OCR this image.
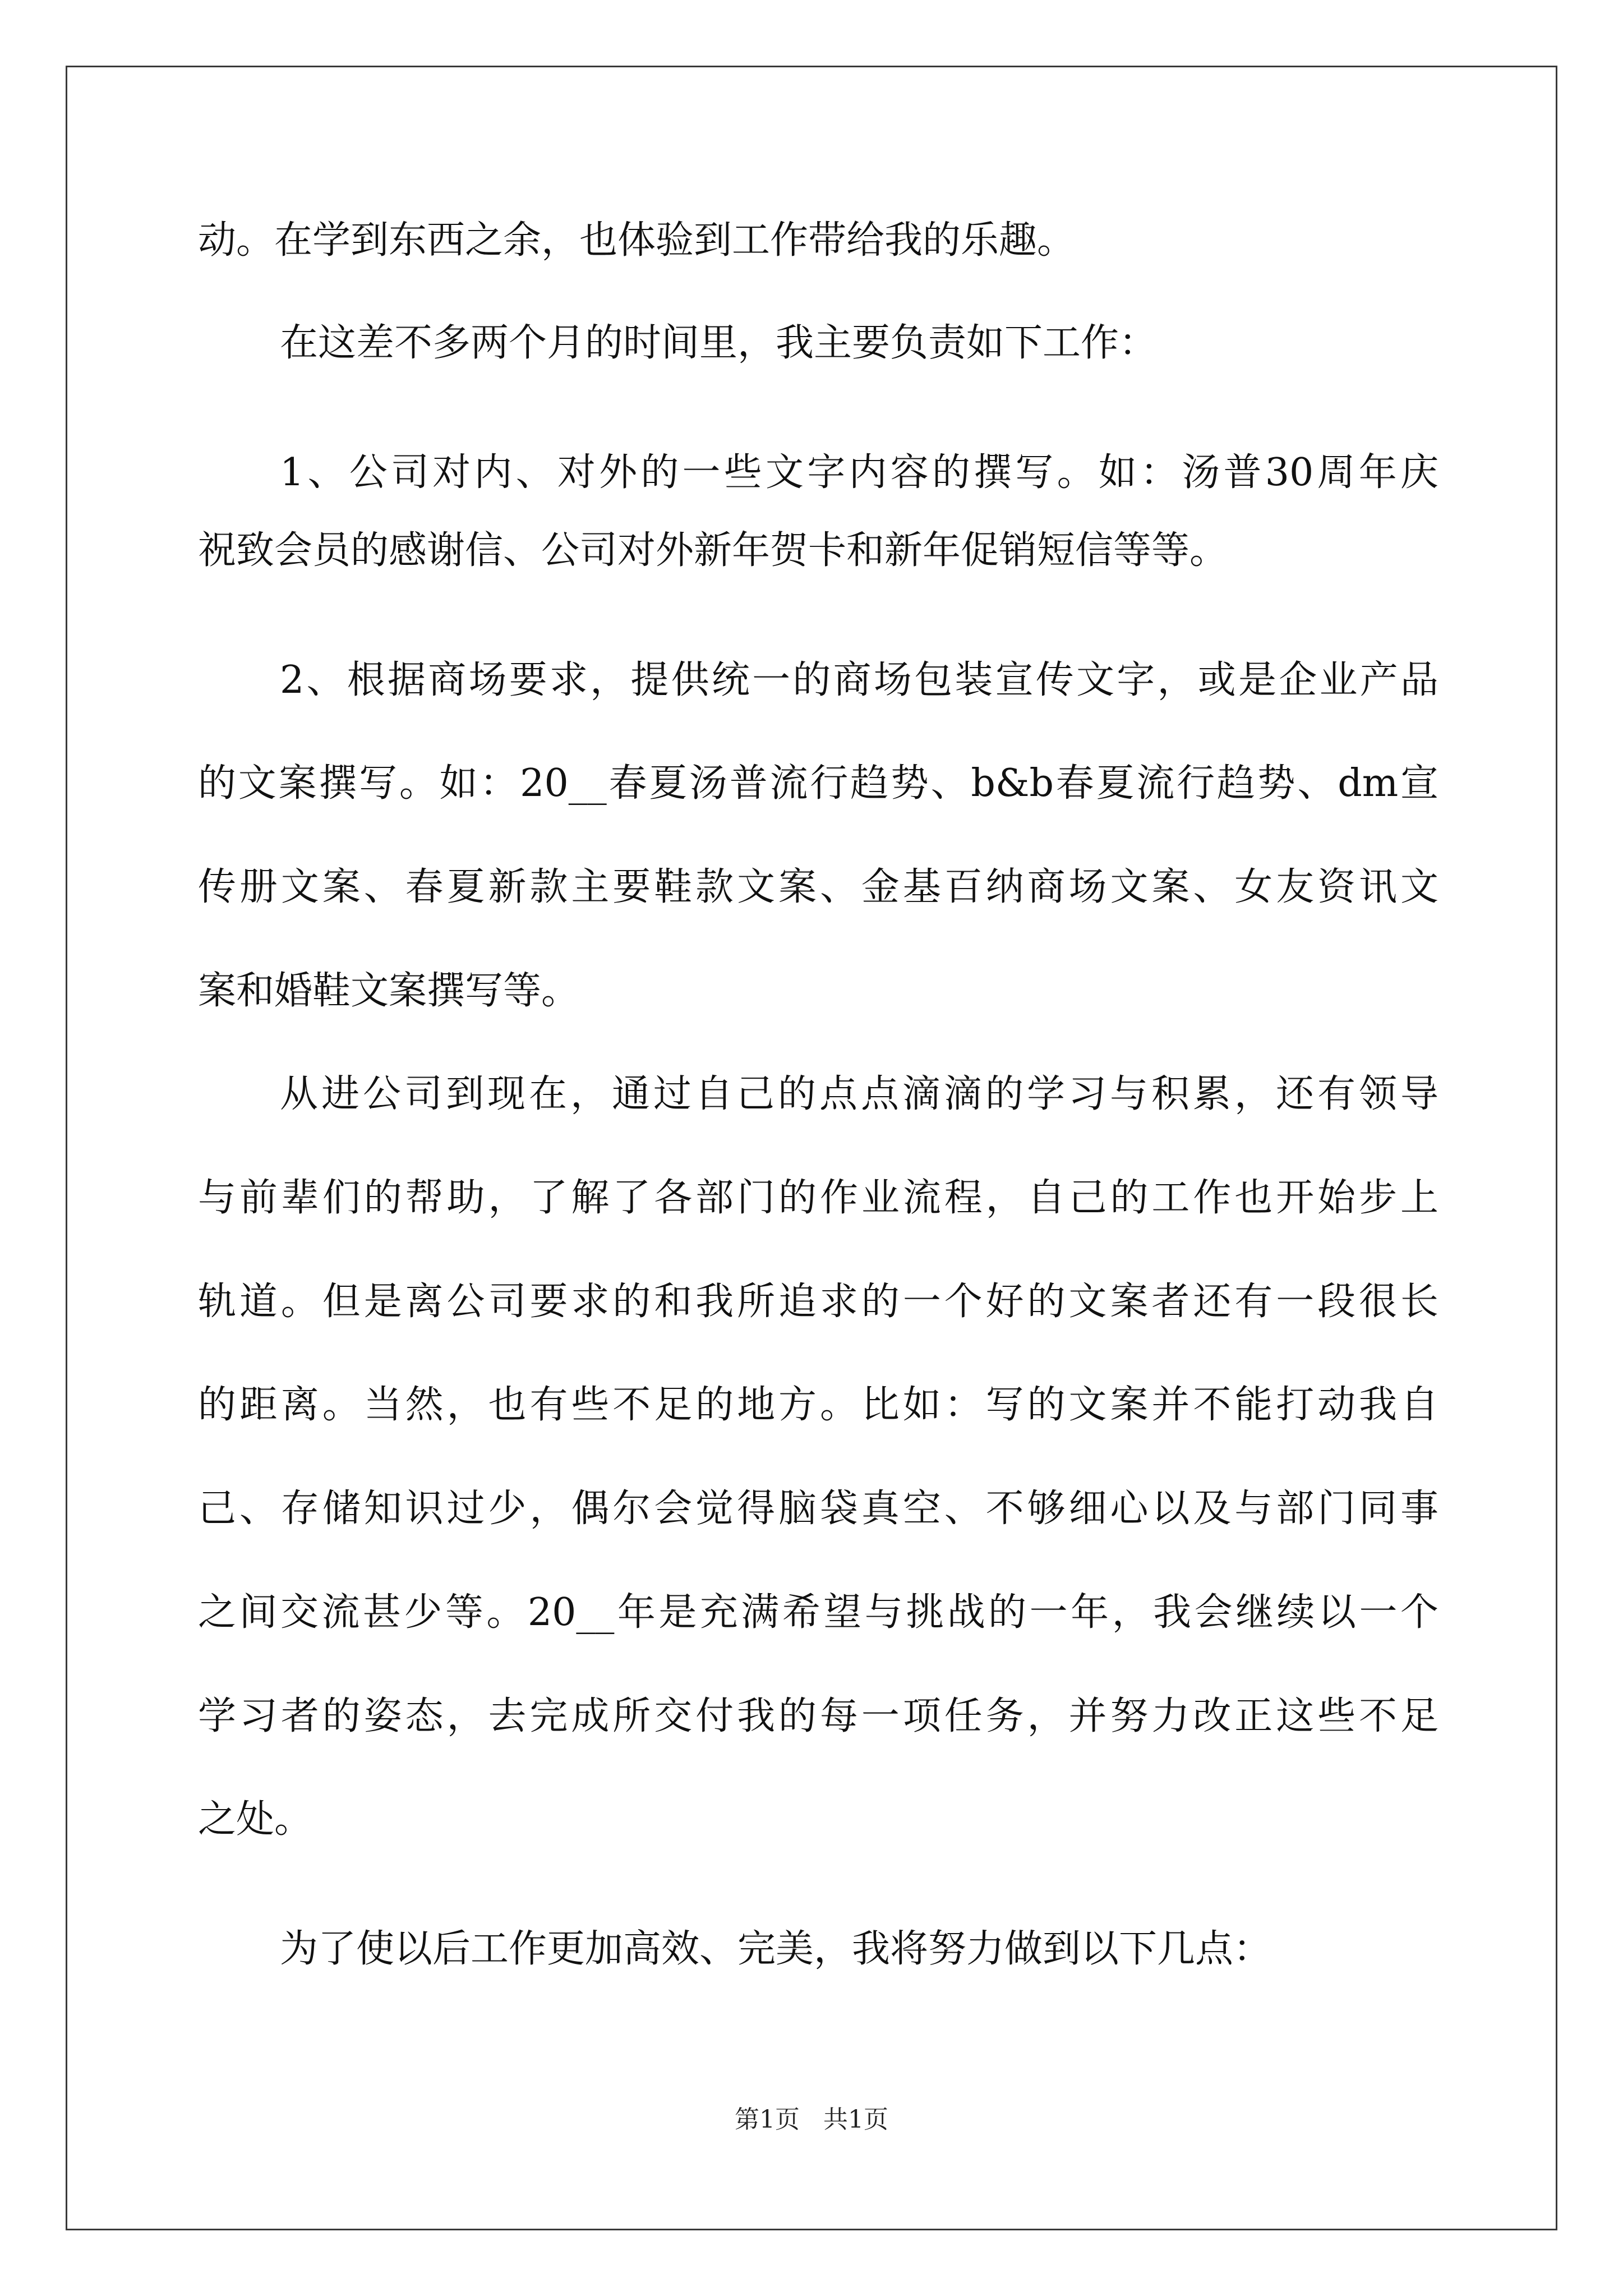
动。在学到东西之余，也体验到工作带给我的乐趣。
在这差不多两个月的时间里，我主要负责如下工作：
1、公司对内、对外的一些文字内容的撰写。如：汤普30周年庆
祝致会员的感谢信、公司对外新年贺卡和新年促销短信等等。
2、根据商场要求，提供统一的商场包装宣传文字，或是企业产品
的文案撰写。如：20__春夏汤普流行趋势、b&b春夏流行趋势、dm宣
传册文案、春夏新款主要鞋款文案、金基百纳商场文案、女友资讯文
案和婚鞋文案撰写等。
从进公司到现在，通过自己的点点滴滴的学习与积累，还有领导
与前辈们的帮助，了解了各部门的作业流程，自己的工作也开始步上
轨道。但是离公司要求的和我所追求的一个好的文案者还有一段很长
的距离。当然，也有些不足的地方。比如：写的文案并不能打动我自
己、存储知识过少，偶尔会觉得脑袋真空、不够细心以及与部门同事
之间交流甚少等。20__年是充满希望与挑战的一年，我会继续以一个
学习者的姿态，去完成所交付我的每一项任务，并努力改正这些不足
之处。
为了使以后工作更加高效、完美，我将努力做到以下几点：
第1页   共1页
